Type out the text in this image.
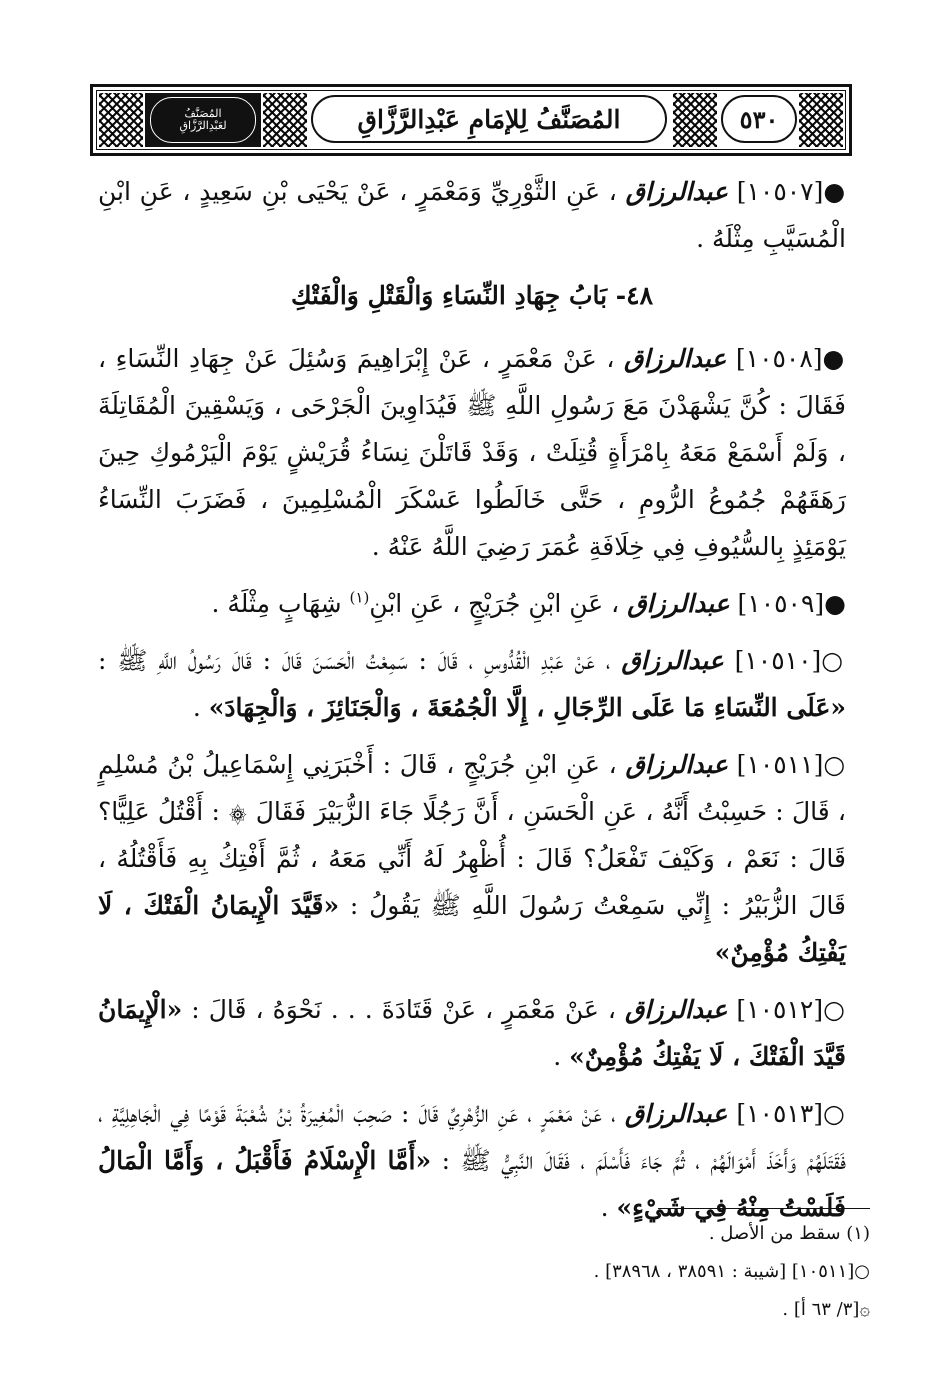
المُصَنَّفُ
لعَبْدِالرَّزَّاقِ	المُصَنَّفُ لِلإمَامِ عَبْدِالرَّزَّاقِ	٥٣٠

●[١٠٥٠٧] عبدالرزاق ، عَنِ الثَّوْرِيِّ وَمَعْمَرٍ ، عَنْ يَحْيَى بْنِ سَعِيدٍ ، عَنِ ابْنِ الْمُسَيَّبِ مِثْلَهُ .

٤٨- بَابُ جِهَادِ النِّسَاءِ وَالْقَتْلِ وَالْفَتْكِ

●[١٠٥٠٨] عبدالرزاق ، عَنْ مَعْمَرٍ ، عَنْ إِبْرَاهِيمَ وَسُئِلَ عَنْ جِهَادِ النِّسَاءِ ، فَقَالَ : كُنَّ يَشْهَدْنَ مَعَ رَسُولِ اللَّهِ ﷺ فَيُدَاوِينَ الْجَرْحَى ، وَيَسْقِينَ الْمُقَاتِلَةَ ، وَلَمْ أَسْمَعْ مَعَهُ بِامْرَأَةٍ قُتِلَتْ ، وَقَدْ قَاتَلْنَ نِسَاءُ قُرَيْشٍ يَوْمَ الْيَرْمُوكِ حِينَ رَهَقَهُمْ جُمُوعُ الرُّومِ ، حَتَّى خَالَطُوا عَسْكَرَ الْمُسْلِمِينَ ، فَضَرَبَ النِّسَاءُ يَوْمَئِذٍ بِالسُّيُوفِ فِي خِلَافَةِ عُمَرَ رَضِيَ اللَّهُ عَنْهُ .

●[١٠٥٠٩] عبدالرزاق ، عَنِ ابْنِ جُرَيْجٍ ، عَنِ ابْنِ$^{(١)}$ شِهَابٍ مِثْلَهُ .

○[١٠٥١٠] عبدالرزاق ، عَنْ عَبْدِ الْقُدُّوسِ ، قَالَ : سَمِعْتُ الْحَسَنَ قَالَ : قَالَ رَسُولُ اللَّهِ ﷺ : «عَلَى النِّسَاءِ مَا عَلَى الرِّجَالِ ، إِلَّا الْجُمُعَةَ ، وَالْجَنَائِزَ ، وَالْجِهَادَ» .

○[١٠٥١١] عبدالرزاق ، عَنِ ابْنِ جُرَيْجٍ ، قَالَ : أَخْبَرَنِي إِسْمَاعِيلُ بْنُ مُسْلِمٍ ، قَالَ : حَسِبْتُ أَنَّهُ ، عَنِ الْحَسَنِ ، أَنَّ رَجُلًا جَاءَ الزُّبَيْرَ فَقَالَ ۞ : أَقْتُلُ عَلِيًّا؟ قَالَ : نَعَمْ ، وَكَيْفَ تَفْعَلُ؟ قَالَ : أُظْهِرُ لَهُ أَنِّي مَعَهُ ، ثُمَّ أَفْتِكُ بِهِ فَأَقْتُلُهُ ، قَالَ الزُّبَيْرُ : إِنِّي سَمِعْتُ رَسُولَ اللَّهِ ﷺ يَقُولُ : «قَيَّدَ الْإِيمَانُ الْفَتْكَ ، لَا يَفْتِكُ مُؤْمِنٌ»

○[١٠٥١٢] عبدالرزاق ، عَنْ مَعْمَرٍ ، عَنْ قَتَادَةَ . . . نَحْوَهُ ، قَالَ : «الْإِيمَانُ قَيَّدَ الْفَتْكَ ، لَا يَفْتِكُ مُؤْمِنٌ» .

○[١٠٥١٣] عبدالرزاق ، عَنْ مَعْمَرٍ ، عَنِ الزُّهْرِيِّ قَالَ : صَحِبَ الْمُغِيرَةُ بْنُ شُعْبَةَ قَوْمًا فِي الْجَاهِلِيَّةِ ، فَقَتَلَهُمْ وَأَخَذَ أَمْوَالَهُمْ ، ثُمَّ جَاءَ فَأَسْلَمَ ، فَقَالَ النَّبِيُّ ﷺ : «أَمَّا الْإِسْلَامُ فَأَقْبَلُ ، وَأَمَّا الْمَالُ فَلَسْتُ مِنْهُ فِي شَيْءٍ» .

(١) سقط من الأصل .
○[١٠٥١١] [شيبة : ٣٨٥٩١ ، ٣٨٩٦٨] .
۞[٣/ ٦٣ أ] .
